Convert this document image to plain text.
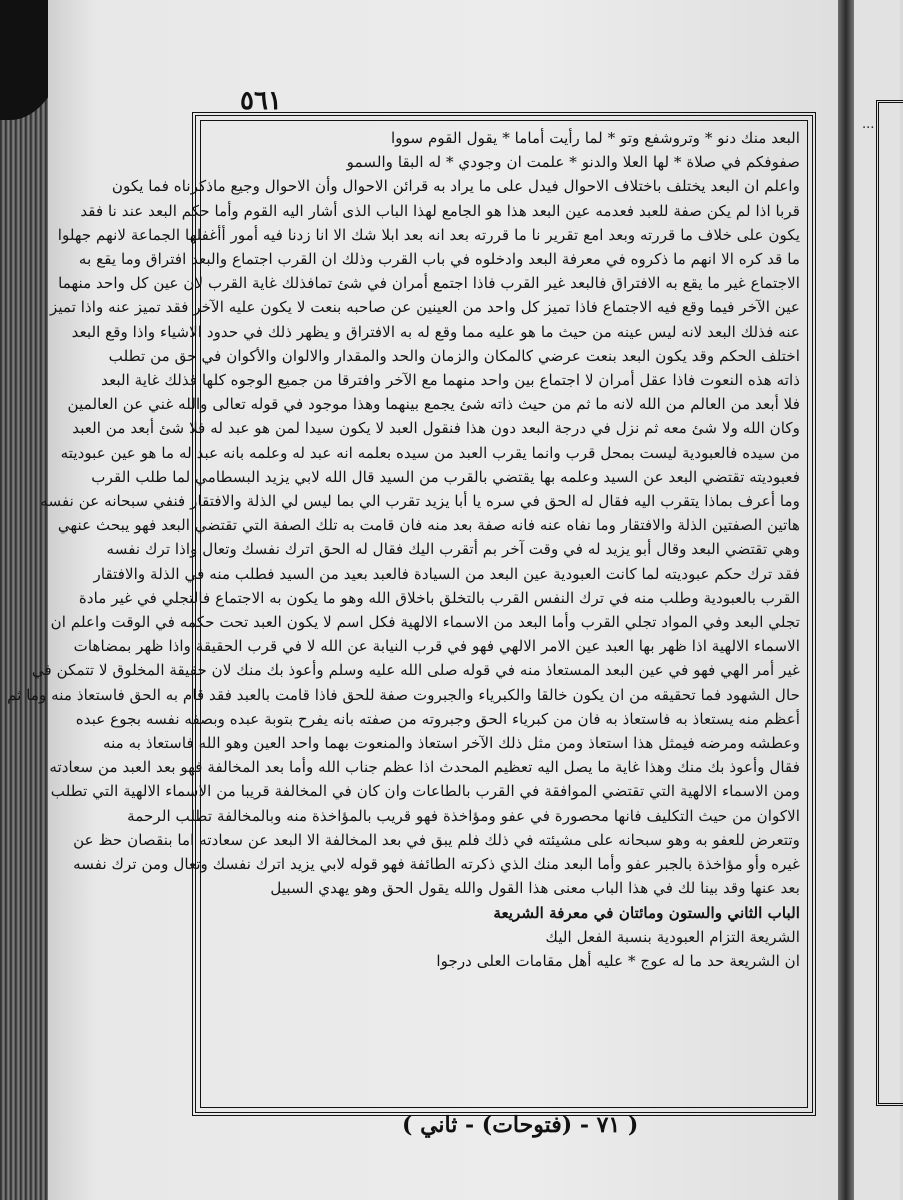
٥٦١
البعد منك دنو * وتروشفع وتو * لما رأيت أماما * يقول القوم سووا
صفوفكم في صلاة * لها العلا والدنو * علمت ان وجودي * له البقا والسمو
واعلم ان البعد يختلف باختلاف الاحوال فيدل على ما يراد به قرائن الاحوال وأن الاحوال وجيع ماذكرناه فما يكون
قربا اذا لم يكن صفة للعبد فعدمه عين البعد هذا هو الجامع لهذا الباب الذى أشار اليه القوم وأما حكم البعد عند نا فقد
يكون على خلاف ما قررته وبعد امع تقرير نا ما قررته بعد انه بعد ابلا شك الا انا زدنا فيه أمور أأغفلها الجماعة لانهم جهلوا
ما قد كره الا انهم ما ذكروه في معرفة البعد وادخلوه في باب القرب وذلك ان القرب اجتماع والبعد افتراق وما يقع به
الاجتماع غير ما يقع به الافتراق فالبعد غير القرب فاذا اجتمع أمران في شئ تمافذلك غاية القرب لان عين كل واحد منهما
عين الآخر فيما وقع فيه الاجتماع فاذا تميز كل واحد من العينين عن صاحبه بنعت لا يكون عليه الآخر فقد تميز عنه واذا تميز
عنه فذلك البعد لانه ليس عينه من حيث ما هو عليه مما وقع له به الافتراق و يظهر ذلك في حدود الاشياء واذا وقع البعد
اختلف الحكم وقد يكون البعد بنعت عرضي كالمكان والزمان والحد والمقدار والالوان والأكوان في حق من تطلب
ذاته هذه النعوت فاذا عقل أمران لا اجتماع بين واحد منهما مع الآخر وافترقا من جميع الوجوه كلها فذلك غاية البعد
فلا أبعد من العالم من الله لانه ما ثم من حيث ذاته شئ يجمع بينهما وهذا موجود في قوله تعالى والله غني عن العالمين
وكان الله ولا شئ معه ثم نزل في درجة البعد دون هذا فنقول العبد لا يكون سيدا لمن هو عبد له فلا شئ أبعد من العبد
من سيده فالعبودية ليست بمحل قرب وانما يقرب العبد من سيده بعلمه انه عبد له وعلمه بانه عبد له ما هو عين عبوديته
فعبوديته تقتضي البعد عن السيد وعلمه بها يقتضي بالقرب من السيد قال الله لابي يزيد البسطامي لما طلب القرب
وما أعرف بماذا يتقرب اليه فقال له الحق في سره يا أبا يزيد تقرب الي بما ليس لي الذلة والافتقار فنفي سبحانه عن نفسه
هاتين الصفتين الذلة والافتقار وما نفاه عنه فانه صفة بعد منه فان قامت به تلك الصفة التي تقتضي البعد فهو يبحث عنهي
وهي تقتضي البعد وقال أبو يزيد له في وقت آخر بم أتقرب اليك فقال له الحق اترك نفسك وتعال واذا ترك نفسه
فقد ترك حكم عبوديته لما كانت العبودية عين البعد من السيادة فالعبد بعيد من السيد فطلب منه في الذلة والافتقار
القرب بالعبودية وطلب منه في ترك النفس القرب بالتخلق باخلاق الله وهو ما يكون به الاجتماع فالتجلي في غير مادة
تجلي البعد وفي المواد تجلي القرب وأما البعد من الاسماء الالهية فكل اسم لا يكون العبد تحت حكمه في الوقت واعلم ان
الاسماء الالهية اذا ظهر بها العبد عين الامر الالهي فهو في قرب النيابة عن الله لا في قرب الحقيقة واذا ظهر بمضاهات
غير أمر الهي فهو في عين البعد المستعاذ منه في قوله صلى الله عليه وسلم وأعوذ بك منك لان حقيقة المخلوق لا تتمكن في
حال الشهود فما تحقيقه من ان يكون خالقا والكبرياء والجبروت صفة للحق فاذا قامت بالعبد فقد قام به الحق فاستعاذ منه وما ثم
أعظم منه يستعاذ به فاستعاذ به فان من كبرياء الحق وجبروته من صفته بانه يفرح بتوبة عبده وبصفه نفسه بجوع عبده
وعطشه ومرضه فيمثل هذا استعاذ ومن مثل ذلك الآخر استعاذ والمنعوت بهما واحد العين وهو الله فاستعاذ به منه
فقال وأعوذ بك منك وهذا غاية ما يصل اليه تعظيم المحدث اذا عظم جناب الله وأما بعد المخالفة فهو بعد العبد من سعادته
ومن الاسماء الالهية التي تقتضي الموافقة في القرب بالطاعات وان كان في المخالفة قريبا من الاسماء الالهية التي تطلب
الاكوان من حيث التكليف فانها محصورة في عفو ومؤاخذة فهو قريب بالمؤاخذة منه وبالمخالفة تطلب الرحمة
وتتعرض للعفو به وهو سبحانه على مشيئته في ذلك فلم يبق في بعد المخالفة الا البعد عن سعادته اما بنقصان حظ عن
غيره وأو مؤاخذة بالجبر عفو وأما البعد منك الذي ذكرته الطائفة فهو قوله لابي يزيد اترك نفسك وتعال ومن ترك نفسه
بعد عنها وقد بينا لك في هذا الباب معنى هذا القول والله يقول الحق وهو يهدي السبيل
الباب الثاني والستون ومائتان في معرفة الشريعة
الشريعة التزام العبودية بنسبة الفعل اليك
ان الشريعة حد ما له عوج * عليه أهل مقامات العلى درجوا
( ٧١ - (فتوحات) - ثاني )
...
